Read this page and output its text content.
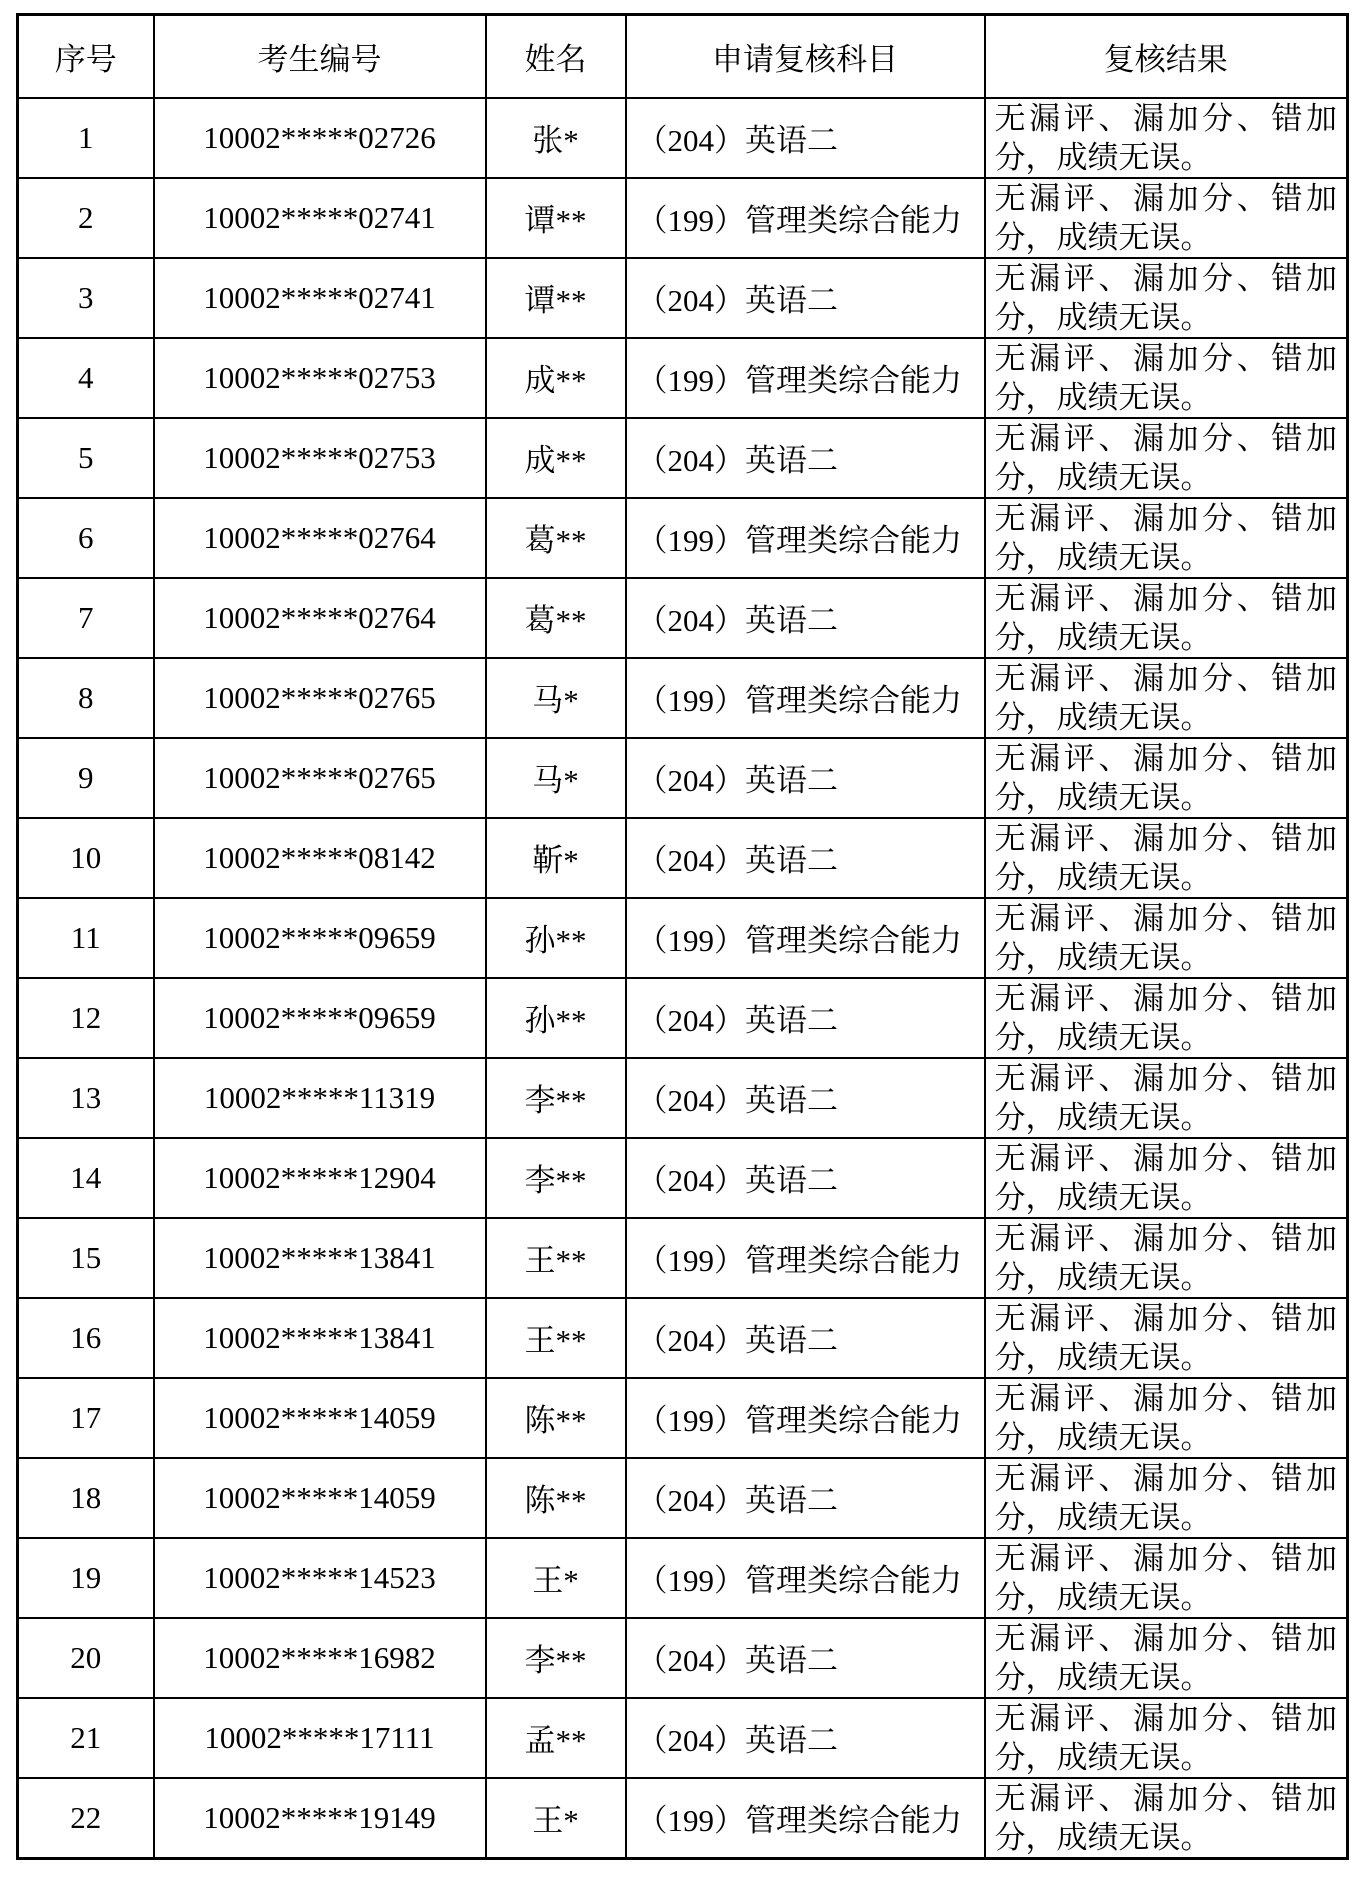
序号	考生编号	姓名	申请复核科目	复核结果
1	10002*****02726	张*	（204）英语二	无漏评、漏加分、错加
分，成绩无误。

2	10002*****02741	谭**	（199）管理类综合能力	无漏评、漏加分、错加
分，成绩无误。

3	10002*****02741	谭**	（204）英语二	无漏评、漏加分、错加
分，成绩无误。

4	10002*****02753	成**	（199）管理类综合能力	无漏评、漏加分、错加
分，成绩无误。

5	10002*****02753	成**	（204）英语二	无漏评、漏加分、错加
分，成绩无误。

6	10002*****02764	葛**	（199）管理类综合能力	无漏评、漏加分、错加
分，成绩无误。

7	10002*****02764	葛**	（204）英语二	无漏评、漏加分、错加
分，成绩无误。

8	10002*****02765	马*	（199）管理类综合能力	无漏评、漏加分、错加
分，成绩无误。

9	10002*****02765	马*	（204）英语二	无漏评、漏加分、错加
分，成绩无误。

10	10002*****08142	靳*	（204）英语二	无漏评、漏加分、错加
分，成绩无误。

11	10002*****09659	孙**	（199）管理类综合能力	无漏评、漏加分、错加
分，成绩无误。

12	10002*****09659	孙**	（204）英语二	无漏评、漏加分、错加
分，成绩无误。

13	10002*****11319	李**	（204）英语二	无漏评、漏加分、错加
分，成绩无误。

14	10002*****12904	李**	（204）英语二	无漏评、漏加分、错加
分，成绩无误。

15	10002*****13841	王**	（199）管理类综合能力	无漏评、漏加分、错加
分，成绩无误。

16	10002*****13841	王**	（204）英语二	无漏评、漏加分、错加
分，成绩无误。

17	10002*****14059	陈**	（199）管理类综合能力	无漏评、漏加分、错加
分，成绩无误。

18	10002*****14059	陈**	（204）英语二	无漏评、漏加分、错加
分，成绩无误。

19	10002*****14523	王*	（199）管理类综合能力	无漏评、漏加分、错加
分，成绩无误。

20	10002*****16982	李**	（204）英语二	无漏评、漏加分、错加
分，成绩无误。

21	10002*****17111	孟**	（204）英语二	无漏评、漏加分、错加
分，成绩无误。

22	10002*****19149	王*	（199）管理类综合能力	无漏评、漏加分、错加
分，成绩无误。
